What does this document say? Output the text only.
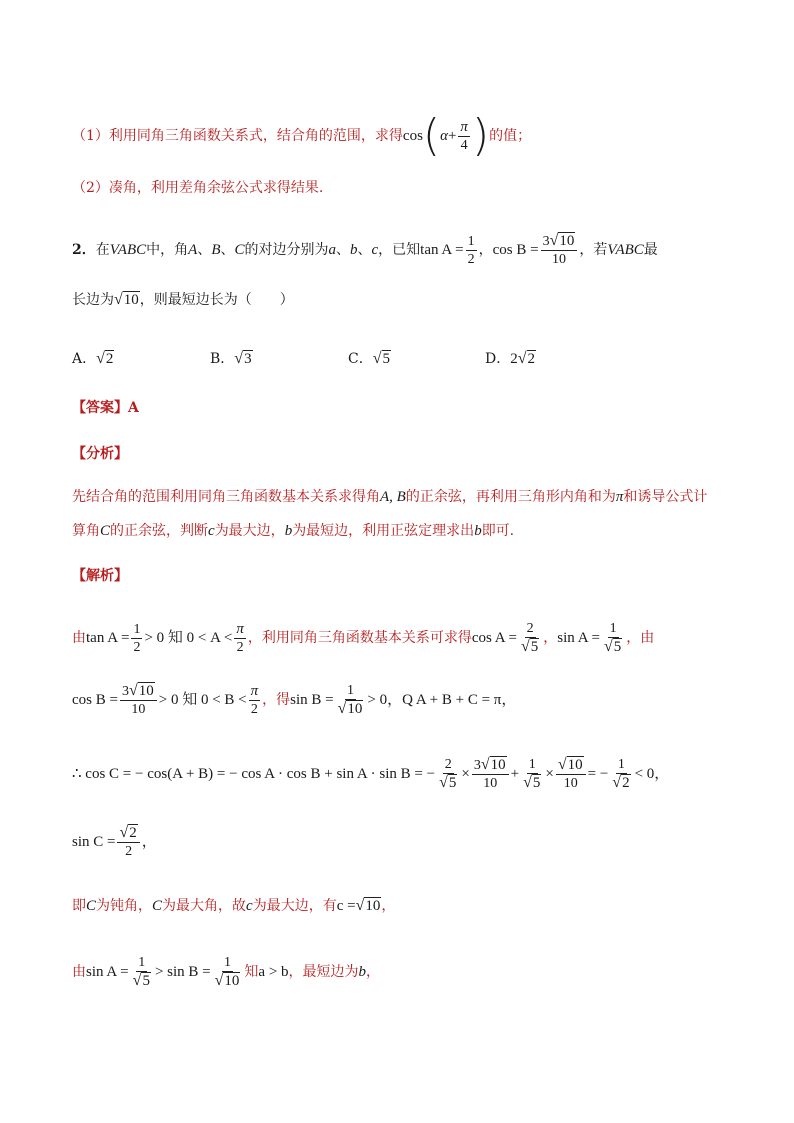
（1）利用同角三角函数关系式，结合角的范围，求得$\cos(\alpha+ \frac{\pi}{4}$ )的值；
（2）凑角，利用差角余弦公式求得结果.
2．在VABC中，角A、B、C的对边分别为a、b、c，已知$\tan A = \frac{1}{2}$ ，$\cos B = \frac{3√10}{10}$ ，若VABC最
长边为√10，则最短边长为（　　）
A．√2	B．√3	C．√5	D．2√2
【答案】A
【分析】
先结合角的范围利用同角三角函数基本关系求得角A, B的正余弦，再利用三角形内角和为π和诱导公式计
算角C的正余弦，判断c为最大边，b为最短边，利用正弦定理求出b即可.
【解析】
由$\tan A = \frac{1}{2} > 0$ 知 $0 < A < \frac{\pi}{2}$ ，利用同角三角函数基本关系可求得$\cos A = \frac{2}{√5}$ ，$\sin A = \frac{1}{√5}$ ，由
$\cos B = \frac{3√10}{10} > 0$ 知 $0 < B < \frac{\pi}{2}$ ，得$\sin B = \frac{1}{√10} > 0$，Q A + B + C = π，
∴ cos C = − cos(A + B) = − cos A · cos B + sin A · sin B = − $\frac{2}{√5} \times \frac{3√10}{10} + \frac{1}{√5} \times \frac{√10}{10}$ = − $\frac{1}{√2} < 0$，
$\sin C = \frac{√2}{2}$ ，
即C为钝角，C为最大角，故c为最大边，有c =√10，
由$\sin A = \frac{1}{√5} > \sin B = \frac{1}{√10}$ 知a > b，最短边为b，
